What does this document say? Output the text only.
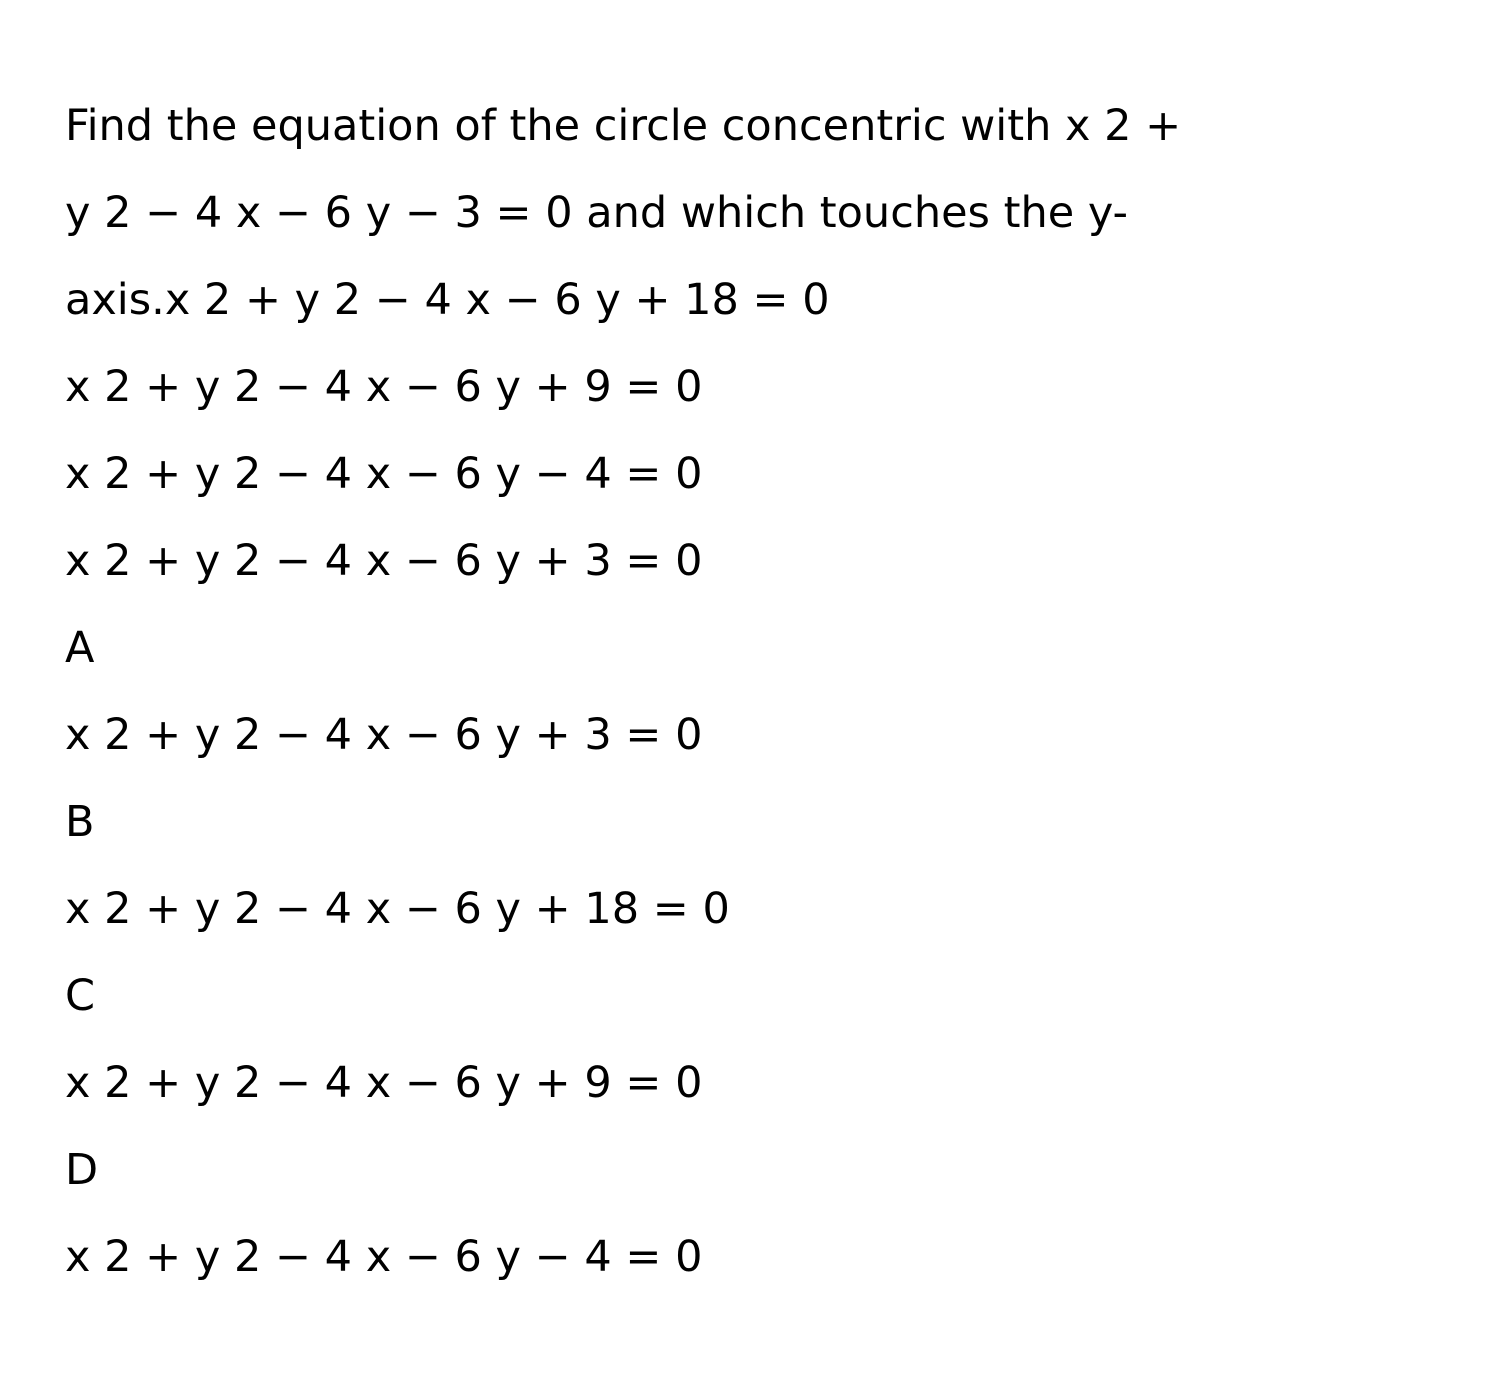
Find the equation of the circle concentric with x 2 +
y 2 − 4 x − 6 y − 3 = 0 and which touches the y-
axis.x 2 + y 2 − 4 x − 6 y + 18 = 0
x 2 + y 2 − 4 x − 6 y + 9 = 0
x 2 + y 2 − 4 x − 6 y − 4 = 0
x 2 + y 2 − 4 x − 6 y + 3 = 0
A
x 2 + y 2 − 4 x − 6 y + 3 = 0
B
x 2 + y 2 − 4 x − 6 y + 18 = 0
C
x 2 + y 2 − 4 x − 6 y + 9 = 0
D
x 2 + y 2 − 4 x − 6 y − 4 = 0
